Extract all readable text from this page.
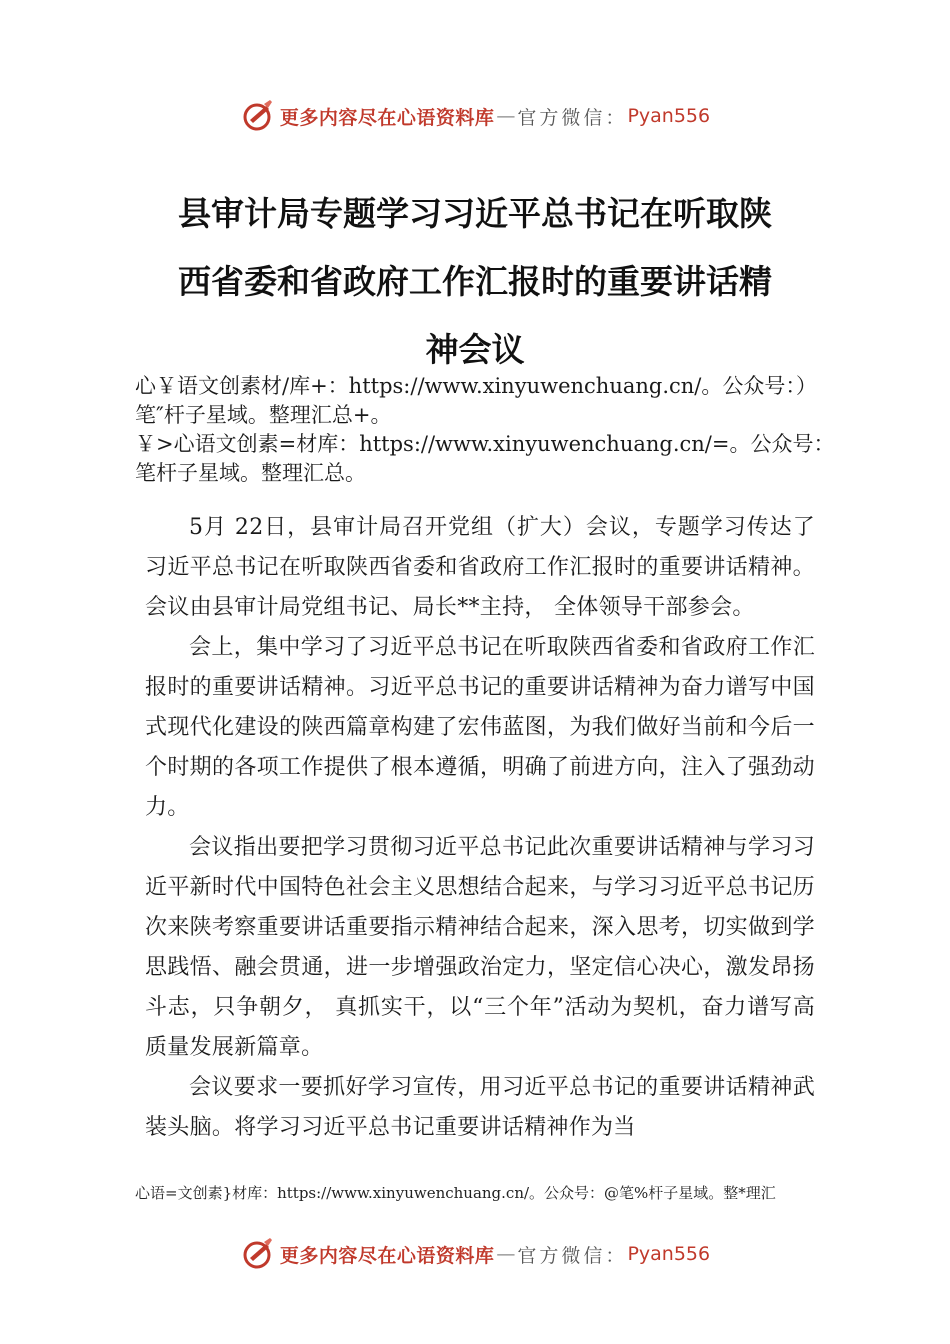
更多内容尽在心语资料库 — 官方微信： Pyan556
县审计局专题学习习近平总书记在听取陕
西省委和省政府工作汇报时的重要讲话精
神会议
心￥语文创素材/库+：https://www.xinyuwenchuang.cn/。公众号：）笔″杆子星域。整理汇总+。
￥>心语文创素=材库：https://www.xinyuwenchuang.cn/=。公众号：笔杆子星域。整理汇总。

5月 22日，县审计局召开党组（扩大）会议，专题学习传达了习近平总书记在听取陕西省委和省政府工作汇报时的重要讲话精神。会议由县审计局党组书记、局长**主持， 全体领导干部参会。

会上，集中学习了习近平总书记在听取陕西省委和省政府工作汇报时的重要讲话精神。习近平总书记的重要讲话精神为奋力谱写中国式现代化建设的陕西篇章构建了宏伟蓝图，为我们做好当前和今后一个时期的各项工作提供了根本遵循，明确了前进方向，注入了强劲动力。

会议指出要把学习贯彻习近平总书记此次重要讲话精神与学习习近平新时代中国特色社会主义思想结合起来，与学习习近平总书记历次来陕考察重要讲话重要指示精神结合起来，深入思考，切实做到学思践悟、融会贯通，进一步增强政治定力，坚定信心决心，激发昂扬斗志，只争朝夕， 真抓实干，以“三个年”活动为契机，奋力谱写高质量发展新篇章。

会议要求一要抓好学习宣传，用习近平总书记的重要讲话精神武装头脑。将学习习近平总书记重要讲话精神作为当

心语=文创素}材库：https://www.xinyuwenchuang.cn/。公众号：@笔%杆子星域。整*理汇
更多内容尽在心语资料库 — 官方微信： Pyan556
